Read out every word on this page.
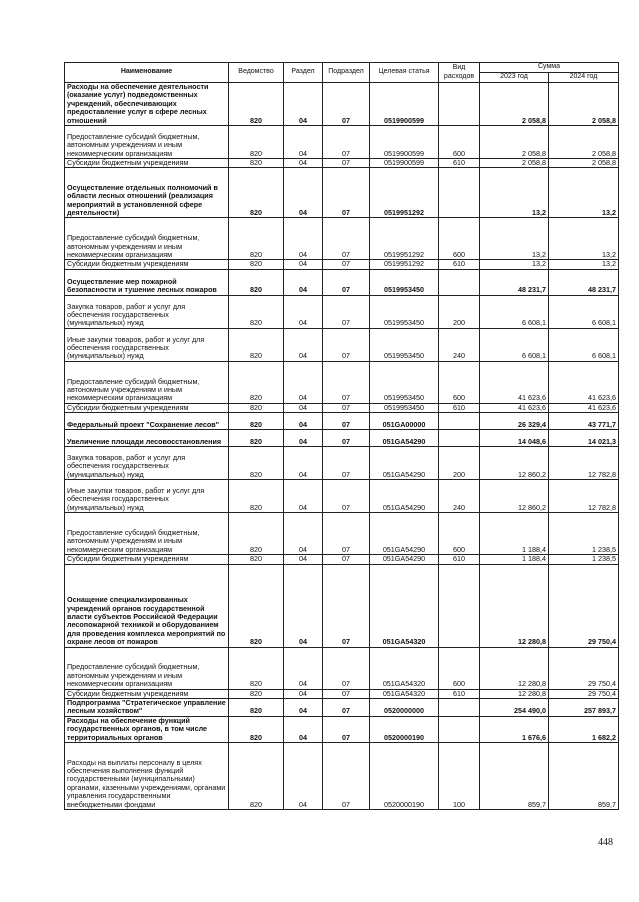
Наименование	Ведомство	Раздел	Подраздел	Целевая статья	Вид расходов	Сумма	
						2023 год	2024 год
Расходы на обеспечение деятельности (оказание услуг) подведомственных учреждений, обеспечивающих предоставление услуг в сфере лесных отношений	820	04	07	0519900599		2 058,8	2 058,8
Предоставление субсидий бюджетным, автономным учреждениям и иным некоммерческим организациям	820	04	07	0519900599	600	2 058,8	2 058,8
Субсидии бюджетным учреждениям	820	04	07	0519900599	610	2 058,8	2 058,8
Осуществление отдельных полномочий в области лесных отношений (реализация мероприятий в установленной сфере деятельности)	820	04	07	0519951292		13,2	13,2
Предоставление субсидий бюджетным, автономным учреждениям и иным некоммерческим организациям	820	04	07	0519951292	600	13,2	13,2
Субсидии бюджетным учреждениям	820	04	07	0519951292	610	13,2	13,2
Осуществление мер пожарной безопасности и тушение лесных пожаров	820	04	07	0519953450		48 231,7	48 231,7
Закупка товаров, работ и услуг для обеспечения государственных (муниципальных) нужд	820	04	07	0519953450	200	6 608,1	6 608,1
Иные закупки товаров, работ и услуг для обеспечения государственных (муниципальных) нужд	820	04	07	0519953450	240	6 608,1	6 608,1
Предоставление субсидий бюджетным, автономным учреждениям и иным некоммерческим организациям	820	04	07	0519953450	600	41 623,6	41 623,6
Субсидии бюджетным учреждениям	820	04	07	0519953450	610	41 623,6	41 623,6
Федеральный проект "Сохранение лесов"	820	04	07	051GA00000		26 329,4	43 771,7
Увеличение площади лесовосстановления	820	04	07	051GA54290		14 048,6	14 021,3
Закупка товаров, работ и услуг для обеспечения государственных (муниципальных) нужд	820	04	07	051GA54290	200	12 860,2	12 782,8
Иные закупки товаров, работ и услуг для обеспечения государственных (муниципальных) нужд	820	04	07	051GA54290	240	12 860,2	12 782,8
Предоставление субсидий бюджетным, автономным учреждениям и иным некоммерческим организациям	820	04	07	051GA54290	600	1 188,4	1 238,5
Субсидии бюджетным учреждениям	820	04	07	051GA54290	610	1 188,4	1 238,5
Оснащение специализированных учреждений органов государственной власти субъектов Российской Федерации лесопожарной техникой и оборудованием для проведения комплекса мероприятий по охране лесов от пожаров	820	04	07	051GA54320		12 280,8	29 750,4
Предоставление субсидий бюджетным, автономным учреждениям и иным некоммерческим организациям	820	04	07	051GA54320	600	12 280,8	29 750,4
Субсидии бюджетным учреждениям	820	04	07	051GA54320	610	12 280,8	29 750,4
Подпрограмма "Стратегическое управление лесным хозяйством"	820	04	07	0520000000		254 490,0	257 893,7
Расходы на обеспечение функций государственных органов, в том числе территориальных органов	820	04	07	0520000190		1 676,6	1 682,2
Расходы на выплаты персоналу в целях обеспечения выполнения функций государственными (муниципальными) органами, казенными учреждениями, органами управления государственными внебюджетными фондами	820	04	07	0520000190	100	859,7	859,7
448
